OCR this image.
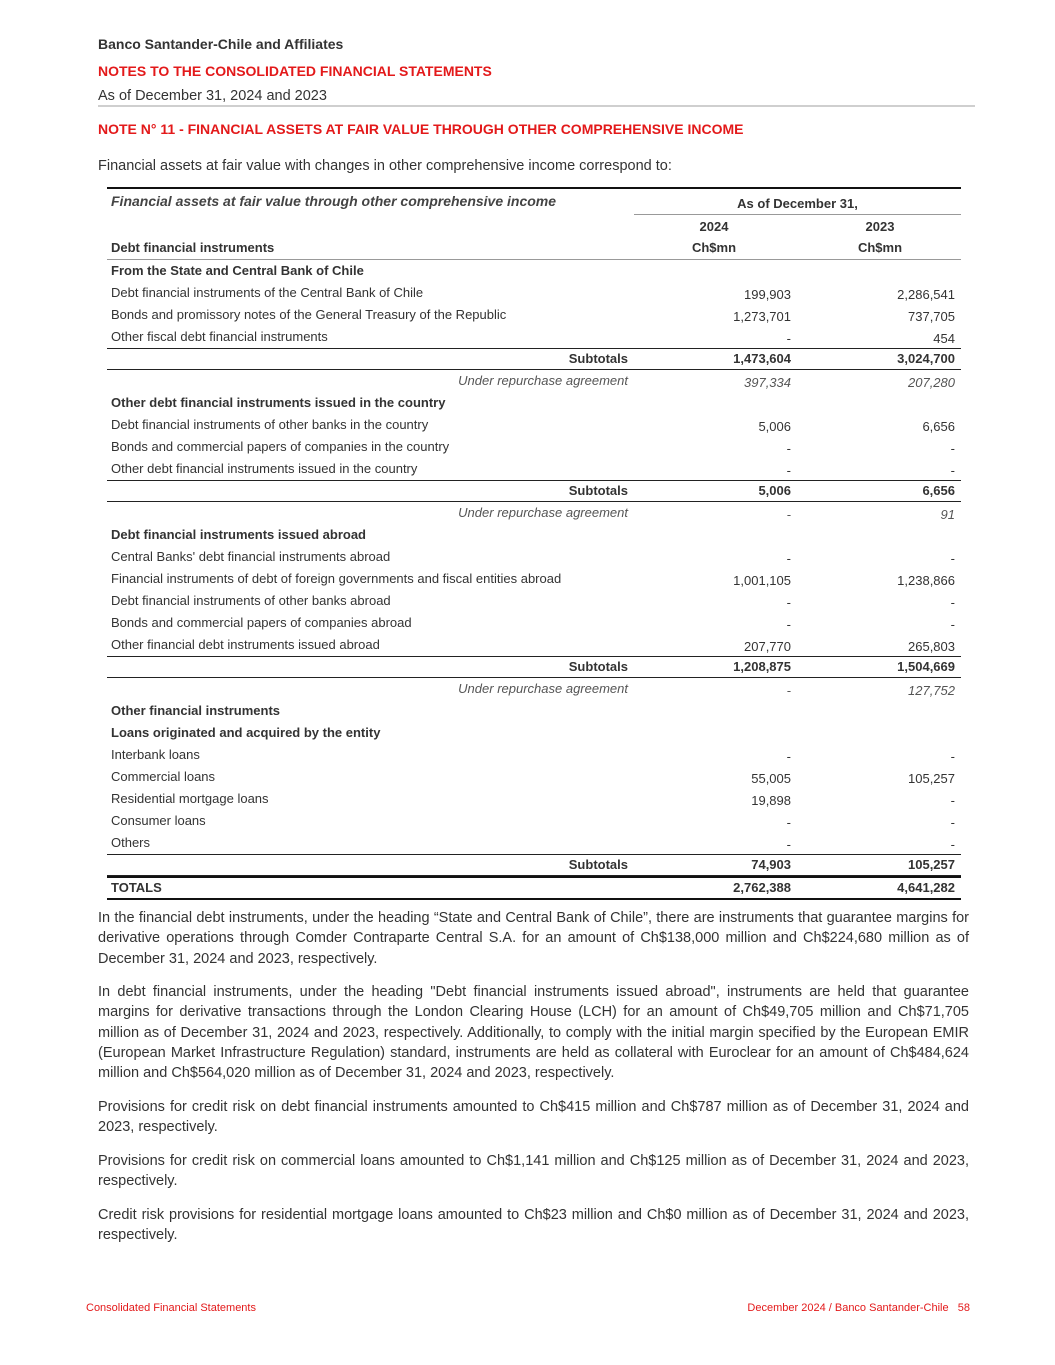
Banco Santander-Chile and Affiliates
NOTES TO THE CONSOLIDATED FINANCIAL STATEMENTS
As of December 31, 2024 and 2023
NOTE N° 11 - FINANCIAL ASSETS AT FAIR VALUE THROUGH OTHER COMPREHENSIVE INCOME
Financial assets at fair value with changes in other comprehensive income correspond to:
Financial assets at fair value through other comprehensive income	As of December 31,
2024	2023
Ch$mn	Ch$mn
Debt financial instruments
From the State and Central Bank of Chile
Debt financial instruments of the Central Bank of Chile	199,903	2,286,541
Bonds and promissory notes of the General Treasury of the Republic	1,273,701	737,705
Other fiscal debt financial instruments	-	454
Subtotals	1,473,604	3,024,700
Under repurchase agreement	397,334	207,280
Other debt financial instruments issued in the country
Debt financial instruments of other banks in the country	5,006	6,656
Bonds and commercial papers of companies in the country	-	-
Other debt financial instruments issued in the country	-	-
Subtotals	5,006	6,656
Under repurchase agreement	-	91
Debt financial instruments issued abroad
Central Banks' debt financial instruments abroad	-	-
Financial instruments of debt of foreign governments and fiscal entities abroad	1,001,105	1,238,866
Debt financial instruments of other banks abroad	-	-
Bonds and commercial papers of companies abroad	-	-
Other financial debt instruments issued abroad	207,770	265,803
Subtotals	1,208,875	1,504,669
Under repurchase agreement	-	127,752
Other financial instruments
Loans originated and acquired by the entity
Interbank loans	-	-
Commercial loans	55,005	105,257
Residential mortgage loans	19,898	-
Consumer loans	-	-
Others	-	-
Subtotals	74,903	105,257
TOTALS	2,762,388	4,641,282

In the financial debt instruments, under the heading “State and Central Bank of Chile”, there are instruments that guarantee margins for derivative operations through Comder Contraparte Central S.A. for an amount of Ch$138,000 million and Ch$224,680 million as of December 31, 2024 and 2023, respectively.

In debt financial instruments, under the heading "Debt financial instruments issued abroad", instruments are held that guarantee margins for derivative transactions through the London Clearing House (LCH) for an amount of Ch$49,705 million and Ch$71,705 million as of December 31, 2024 and 2023, respectively. Additionally, to comply with the initial margin specified by the European EMIR (European Market Infrastructure Regulation) standard, instruments are held as collateral with Euroclear for an amount of Ch$484,624 million and Ch$564,020 million as of December 31, 2024 and 2023, respectively.

Provisions for credit risk on debt financial instruments amounted to Ch$415 million and Ch$787 million as of December 31, 2024 and 2023, respectively.

Provisions for credit risk on commercial loans amounted to Ch$1,141 million and Ch$125 million as of December 31, 2024 and 2023, respectively.

Credit risk provisions for residential mortgage loans amounted to Ch$23 million and Ch$0 million as of December 31, 2024 and 2023, respectively.

Consolidated Financial Statements	December 2024 / Banco Santander-Chile   58
